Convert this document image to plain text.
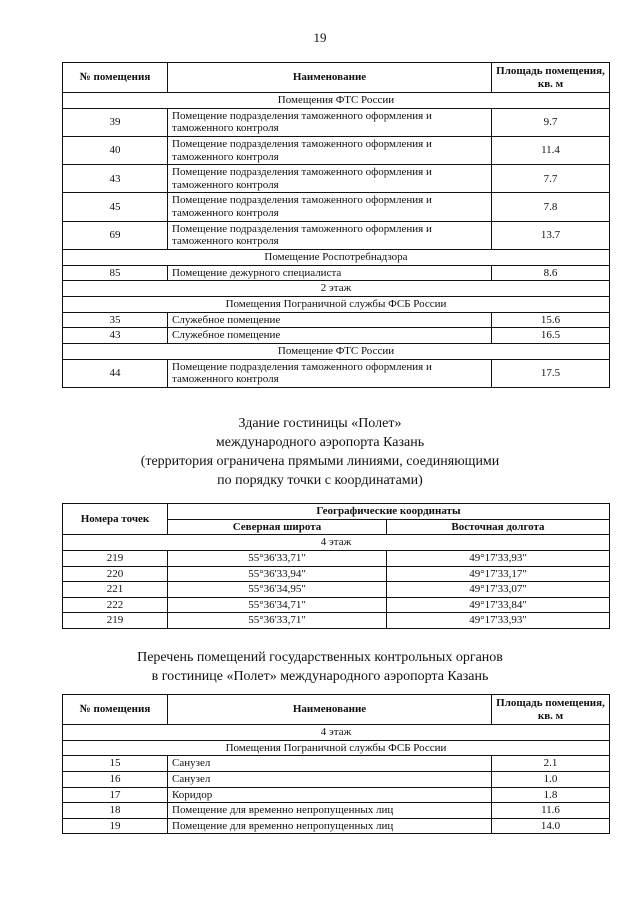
19
№ помещения	Наименование	Площадь помещения, кв. м
Помещения ФТС России		
39	Помещение подразделения таможенного оформления и таможенного контроля	9.7
40	Помещение подразделения таможенного оформления и таможенного контроля	11.4
43	Помещение подразделения таможенного оформления и таможенного контроля	7.7
45	Помещение подразделения таможенного оформления и таможенного контроля	7.8
69	Помещение подразделения таможенного оформления и таможенного контроля	13.7
Помещение Роспотребнадзора		
85	Помещение дежурного специалиста	8.6
2 этаж		
Помещения Пограничной службы ФСБ России		
35	Служебное помещение	15.6
43	Служебное помещение	16.5
Помещение ФТС России		
44	Помещение подразделения таможенного оформления и таможенного контроля	17.5
Здание гостиницы «Полет»
международного аэропорта Казань
(территория ограничена прямыми линиями, соединяющими
по порядку точки с координатами)
Номера точек	Географические координаты	
	Северная широта	Восточная долгота
4 этаж		
219	55°36'33,71"	49°17'33,93"
220	55°36'33,94"	49°17'33,17"
221	55°36'34,95"	49°17'33,07"
222	55°36'34,71"	49°17'33,84"
219	55°36'33,71"	49°17'33,93"
Перечень помещений государственных контрольных органов
в гостинице «Полет» международного аэропорта Казань
№ помещения	Наименование	Площадь помещения, кв. м
4 этаж		
Помещения Пограничной службы ФСБ России		
15	Санузел	2.1
16	Санузел	1.0
17	Коридор	1.8
18	Помещение для временно непропущенных лиц	11.6
19	Помещение для временно непропущенных лиц	14.0
